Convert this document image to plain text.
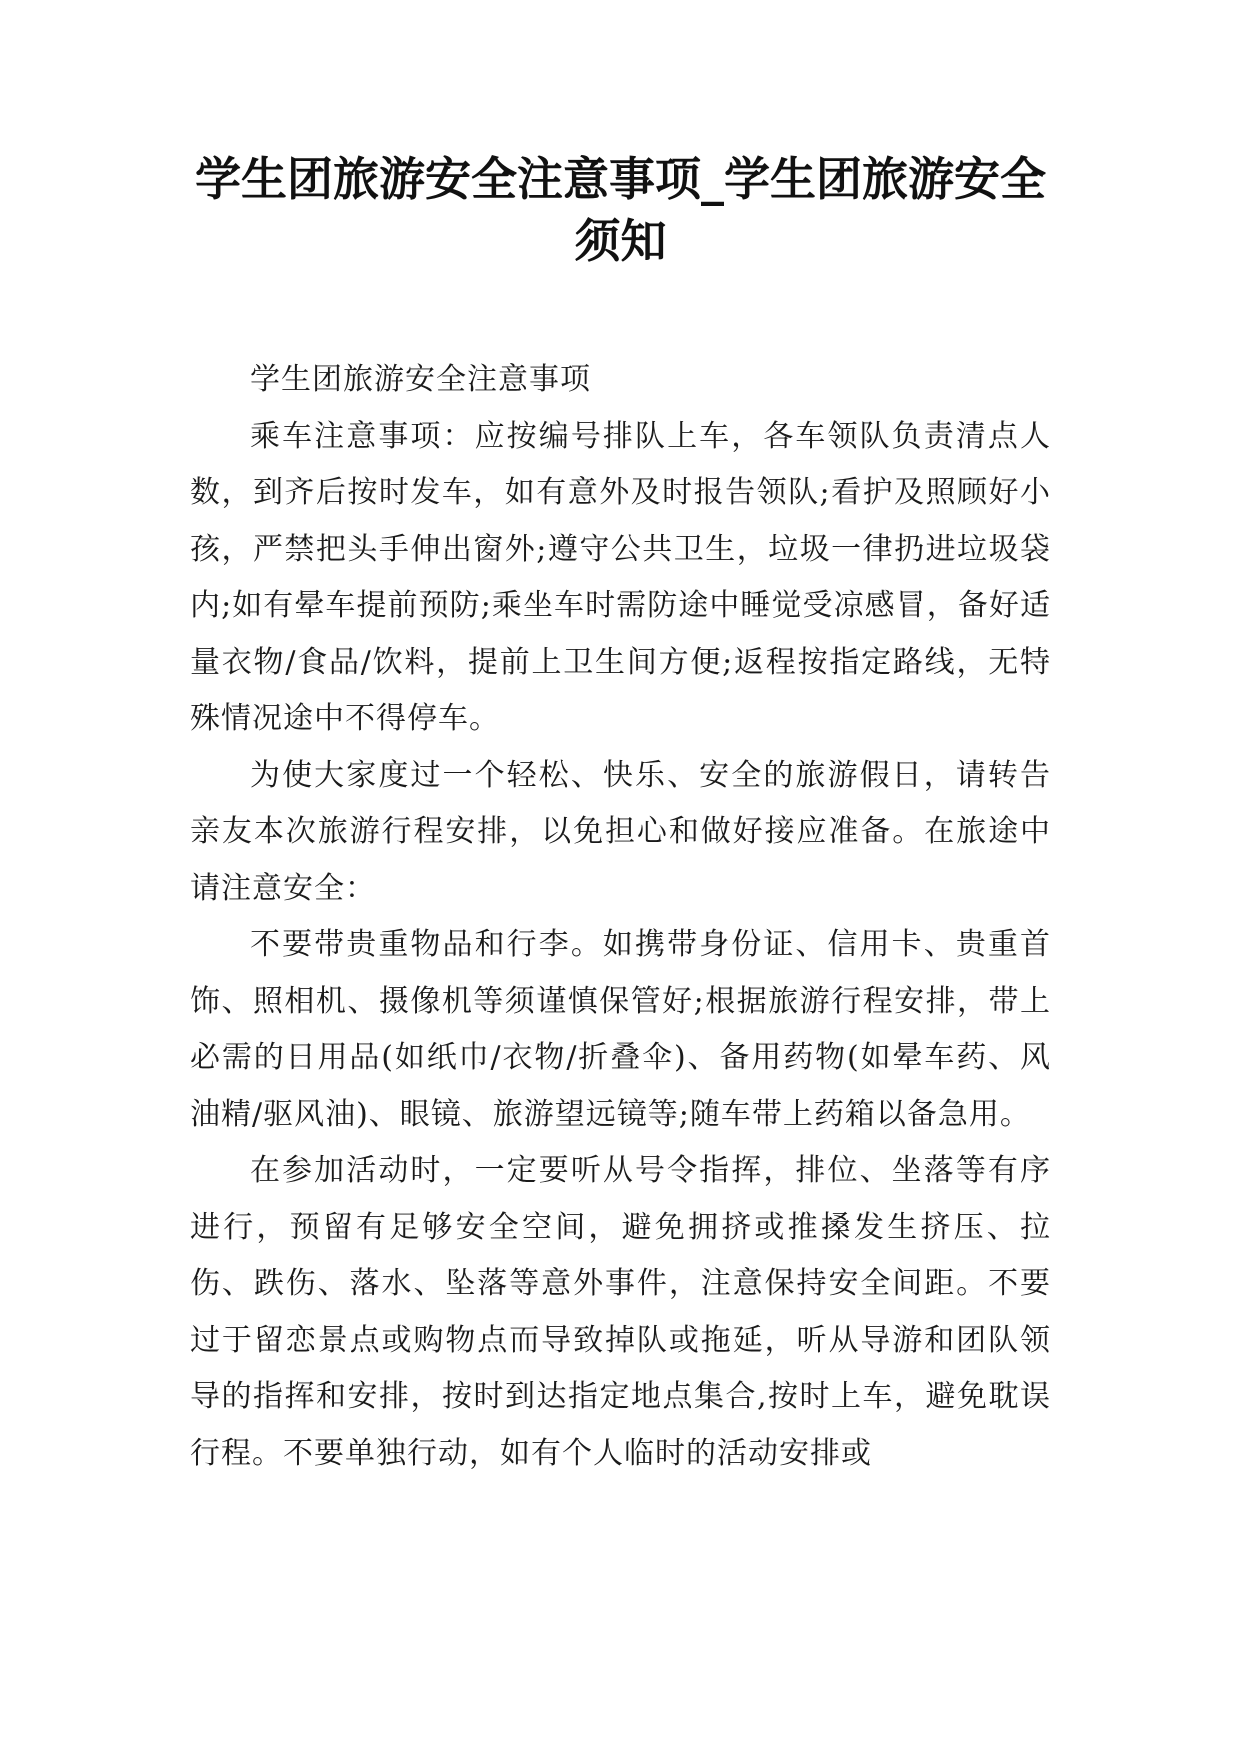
学生团旅游安全注意事项_学生团旅游安全须知

学生团旅游安全注意事项

乘车注意事项：应按编号排队上车，各车领队负责清点人数，到齐后按时发车，如有意外及时报告领队;看护及照顾好小孩，严禁把头手伸出窗外;遵守公共卫生，垃圾一律扔进垃圾袋内;如有晕车提前预防;乘坐车时需防途中睡觉受凉感冒，备好适量衣物/食品/饮料，提前上卫生间方便;返程按指定路线，无特殊情况途中不得停车。

为使大家度过一个轻松、快乐、安全的旅游假日，请转告亲友本次旅游行程安排，以免担心和做好接应准备。在旅途中请注意安全：

不要带贵重物品和行李。如携带身份证、信用卡、贵重首饰、照相机、摄像机等须谨慎保管好;根据旅游行程安排，带上必需的日用品(如纸巾/衣物/折叠伞)、备用药物(如晕车药、风油精/驱风油)、眼镜、旅游望远镜等;随车带上药箱以备急用。

在参加活动时，一定要听从号令指挥，排位、坐落等有序进行，预留有足够安全空间，避免拥挤或推搡发生挤压、拉伤、跌伤、落水、坠落等意外事件，注意保持安全间距。不要过于留恋景点或购物点而导致掉队或拖延，听从导游和团队领导的指挥和安排，按时到达指定地点集合,按时上车，避免耽误行程。不要单独行动，如有个人临时的活动安排或
